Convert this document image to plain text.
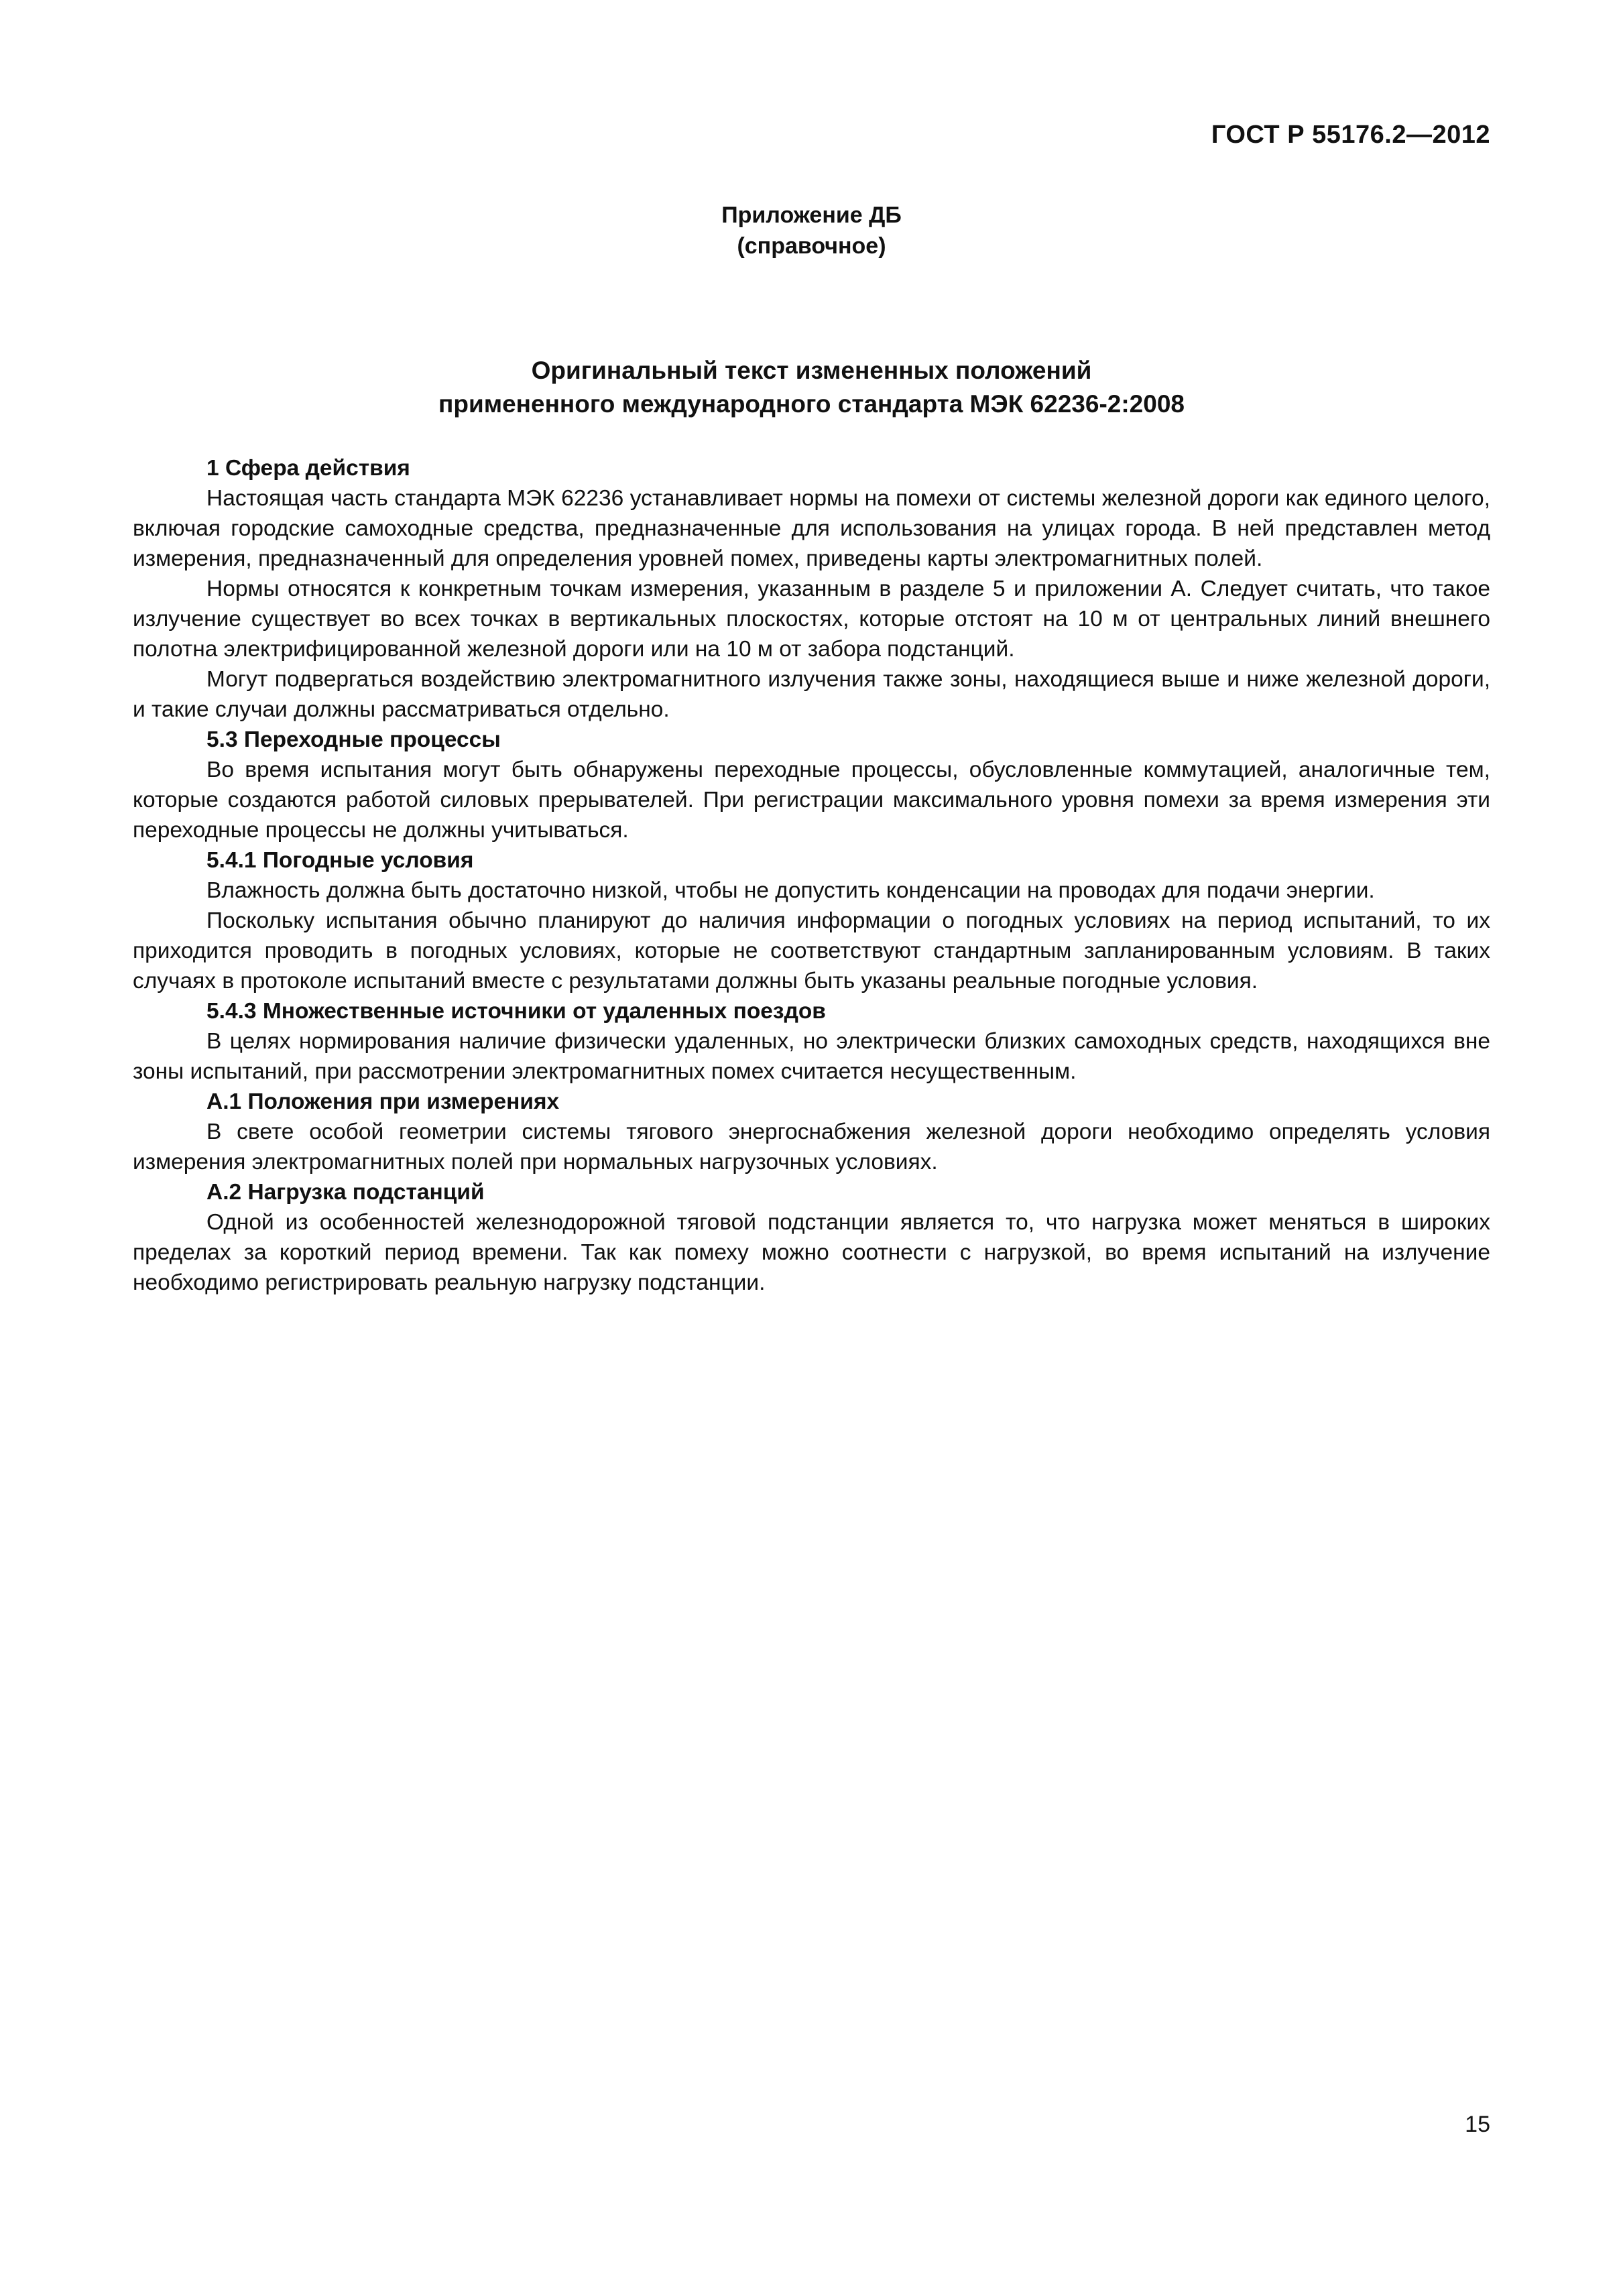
ГОСТ Р 55176.2—2012
Приложение ДБ
(справочное)
Оригинальный текст измененных положений
примененного международного стандарта МЭК 62236-2:2008
1 Сфера действия

Настоящая часть стандарта МЭК 62236 устанавливает нормы на помехи от системы железной дороги как единого целого, включая городские самоходные средства, предназначенные для использования на улицах города. В ней представлен метод измерения, предназначенный для определения уровней помех, приведены карты электромагнитных полей.

Нормы относятся к конкретным точкам измерения, указанным в разделе 5 и приложении А. Следует считать, что такое излучение существует во всех точках в вертикальных плоскостях, которые отстоят на 10 м от центральных линий внешнего полотна электрифицированной железной дороги или на 10 м от забора подстанций.

Могут подвергаться воздействию электромагнитного излучения также зоны, находящиеся выше и ниже железной дороги, и такие случаи должны рассматриваться отдельно.

5.3 Переходные процессы

Во время испытания могут быть обнаружены переходные процессы, обусловленные коммутацией, аналогичные тем, которые создаются работой силовых прерывателей. При регистрации максимального уровня помехи за время измерения эти переходные процессы не должны учитываться.

5.4.1 Погодные условия

Влажность должна быть достаточно низкой, чтобы не допустить конденсации на проводах для подачи энергии.

Поскольку испытания обычно планируют до наличия информации о погодных условиях на период испытаний, то их приходится проводить в погодных условиях, которые не соответствуют стандартным запланированным условиям. В таких случаях в протоколе испытаний вместе с результатами должны быть указаны реальные погодные условия.

5.4.3 Множественные источники от удаленных поездов

В целях нормирования наличие физически удаленных, но электрически близких самоходных средств, находящихся вне зоны испытаний, при рассмотрении электромагнитных помех считается несущественным.

А.1 Положения при измерениях

В свете особой геометрии системы тягового энергоснабжения железной дороги необходимо определять условия измерения электромагнитных полей при нормальных нагрузочных условиях.

А.2 Нагрузка подстанций

Одной из особенностей железнодорожной тяговой подстанции является то, что нагрузка может меняться в широких пределах за короткий период времени. Так как помеху можно соотнести с нагрузкой, во время испытаний на излучение необходимо регистрировать реальную нагрузку подстанции.

15
